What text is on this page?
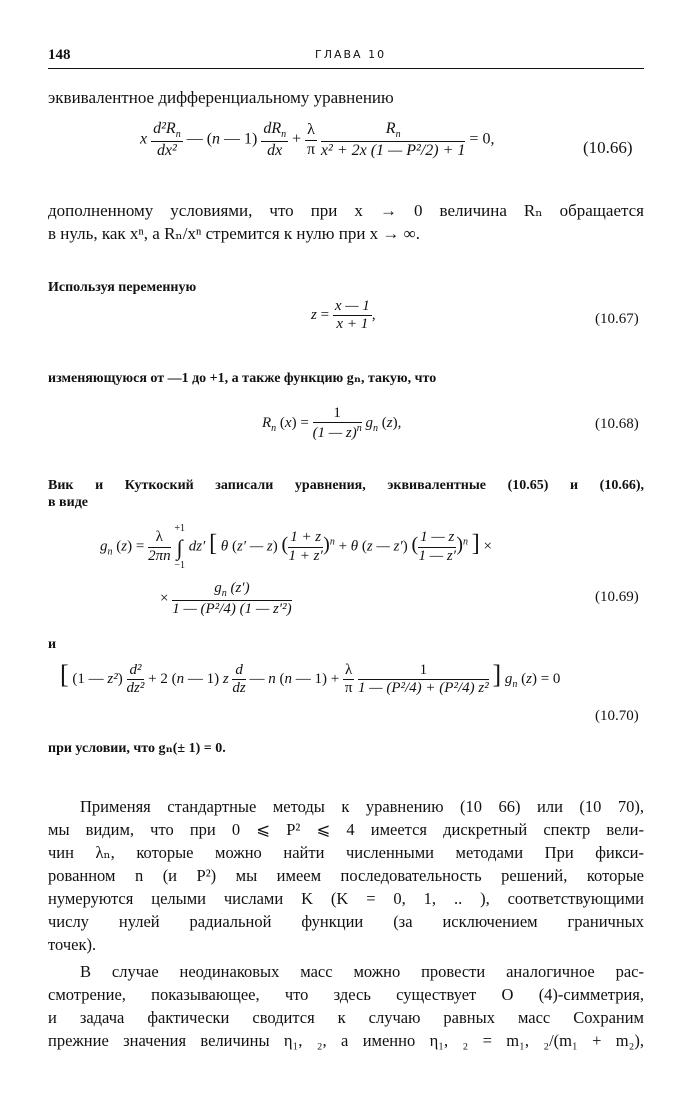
148	ГЛАВА 10
эквивалентное дифференциальному уравнению
x $\frac{d^2R_n}{\text{dx²}}$ — (n — $1) \frac{dR_n}{dx} + \frac{\lambda}{\pi}$
$\frac{R_n}{\text{x² + 2x (1 — P²/2) + 1}} = 0$,	(10.66)
дополненному условиями, что при x → 0 величина Rₙ обращается
в нуль, как xⁿ, а Rₙ/xⁿ стремится к нулю при x → ∞.
Используя переменную
$z = \frac{x — 1}{x + 1}$ ,	(10.67)
изменяющуюся от —1 до +1, а также функцию gₙ, такую, что
$R_n$ $(x) = \frac{1}{(1 — z)^n} g_n$ (z),	(10.68)
Вик и Куткоский записали уравнения, эквивалентные (10.65) и (10.66),
в виде
$g_n$ $(z) = \frac{\lambda}{2\pi n}$

+1
∫
−1
dz′ [ θ (z′ — z) ( $\frac{1 + z}{1 + z'} )^n + \theta$ (z — z′) ( $\frac{1 — z}{1 — z'} )^n$ ] ×
× $\frac{g_n (z')}{\text{1 — (P²/4) (1 — z′²)}}$	(10.69)
и
[ (1 — $z^2) \frac{\text{d²}}{\text{dz²}} + 2$ (n — 1) z $\frac{d}{dz}$ — n (n — $1) + \frac{\lambda}{\pi}$
$\frac{1}{\text{1 — (P²/4) + (P²/4) z²}}$ ] $g_n$ (z) = 0
(10.70)
при условии, что gₙ(± 1) = 0.
Применяя стандартные методы к уравнению (10 66) или (10 70),
мы видим, что при 0 ⩽ P² ⩽ 4 имеется дискретный спектр вели-
чин λₙ, которые можно найти численными методами При фикси-
рованном n (и P²) мы имеем последовательность решений, которые
нумеруются целыми числами K (K = 0, 1, .. ), соответствующими
числу нулей радиальной функции (за исключением граничных
точек).
В случае неодинаковых масс можно провести аналогичное рас-
смотрение, показывающее, что здесь существует O (4)-симметрия,
и задача фактически сводится к случаю равных масс Сохраним
прежние значения величины η₁, ₂, а именно η₁, ₂ = m₁, ₂/(m₁ + m₂),
